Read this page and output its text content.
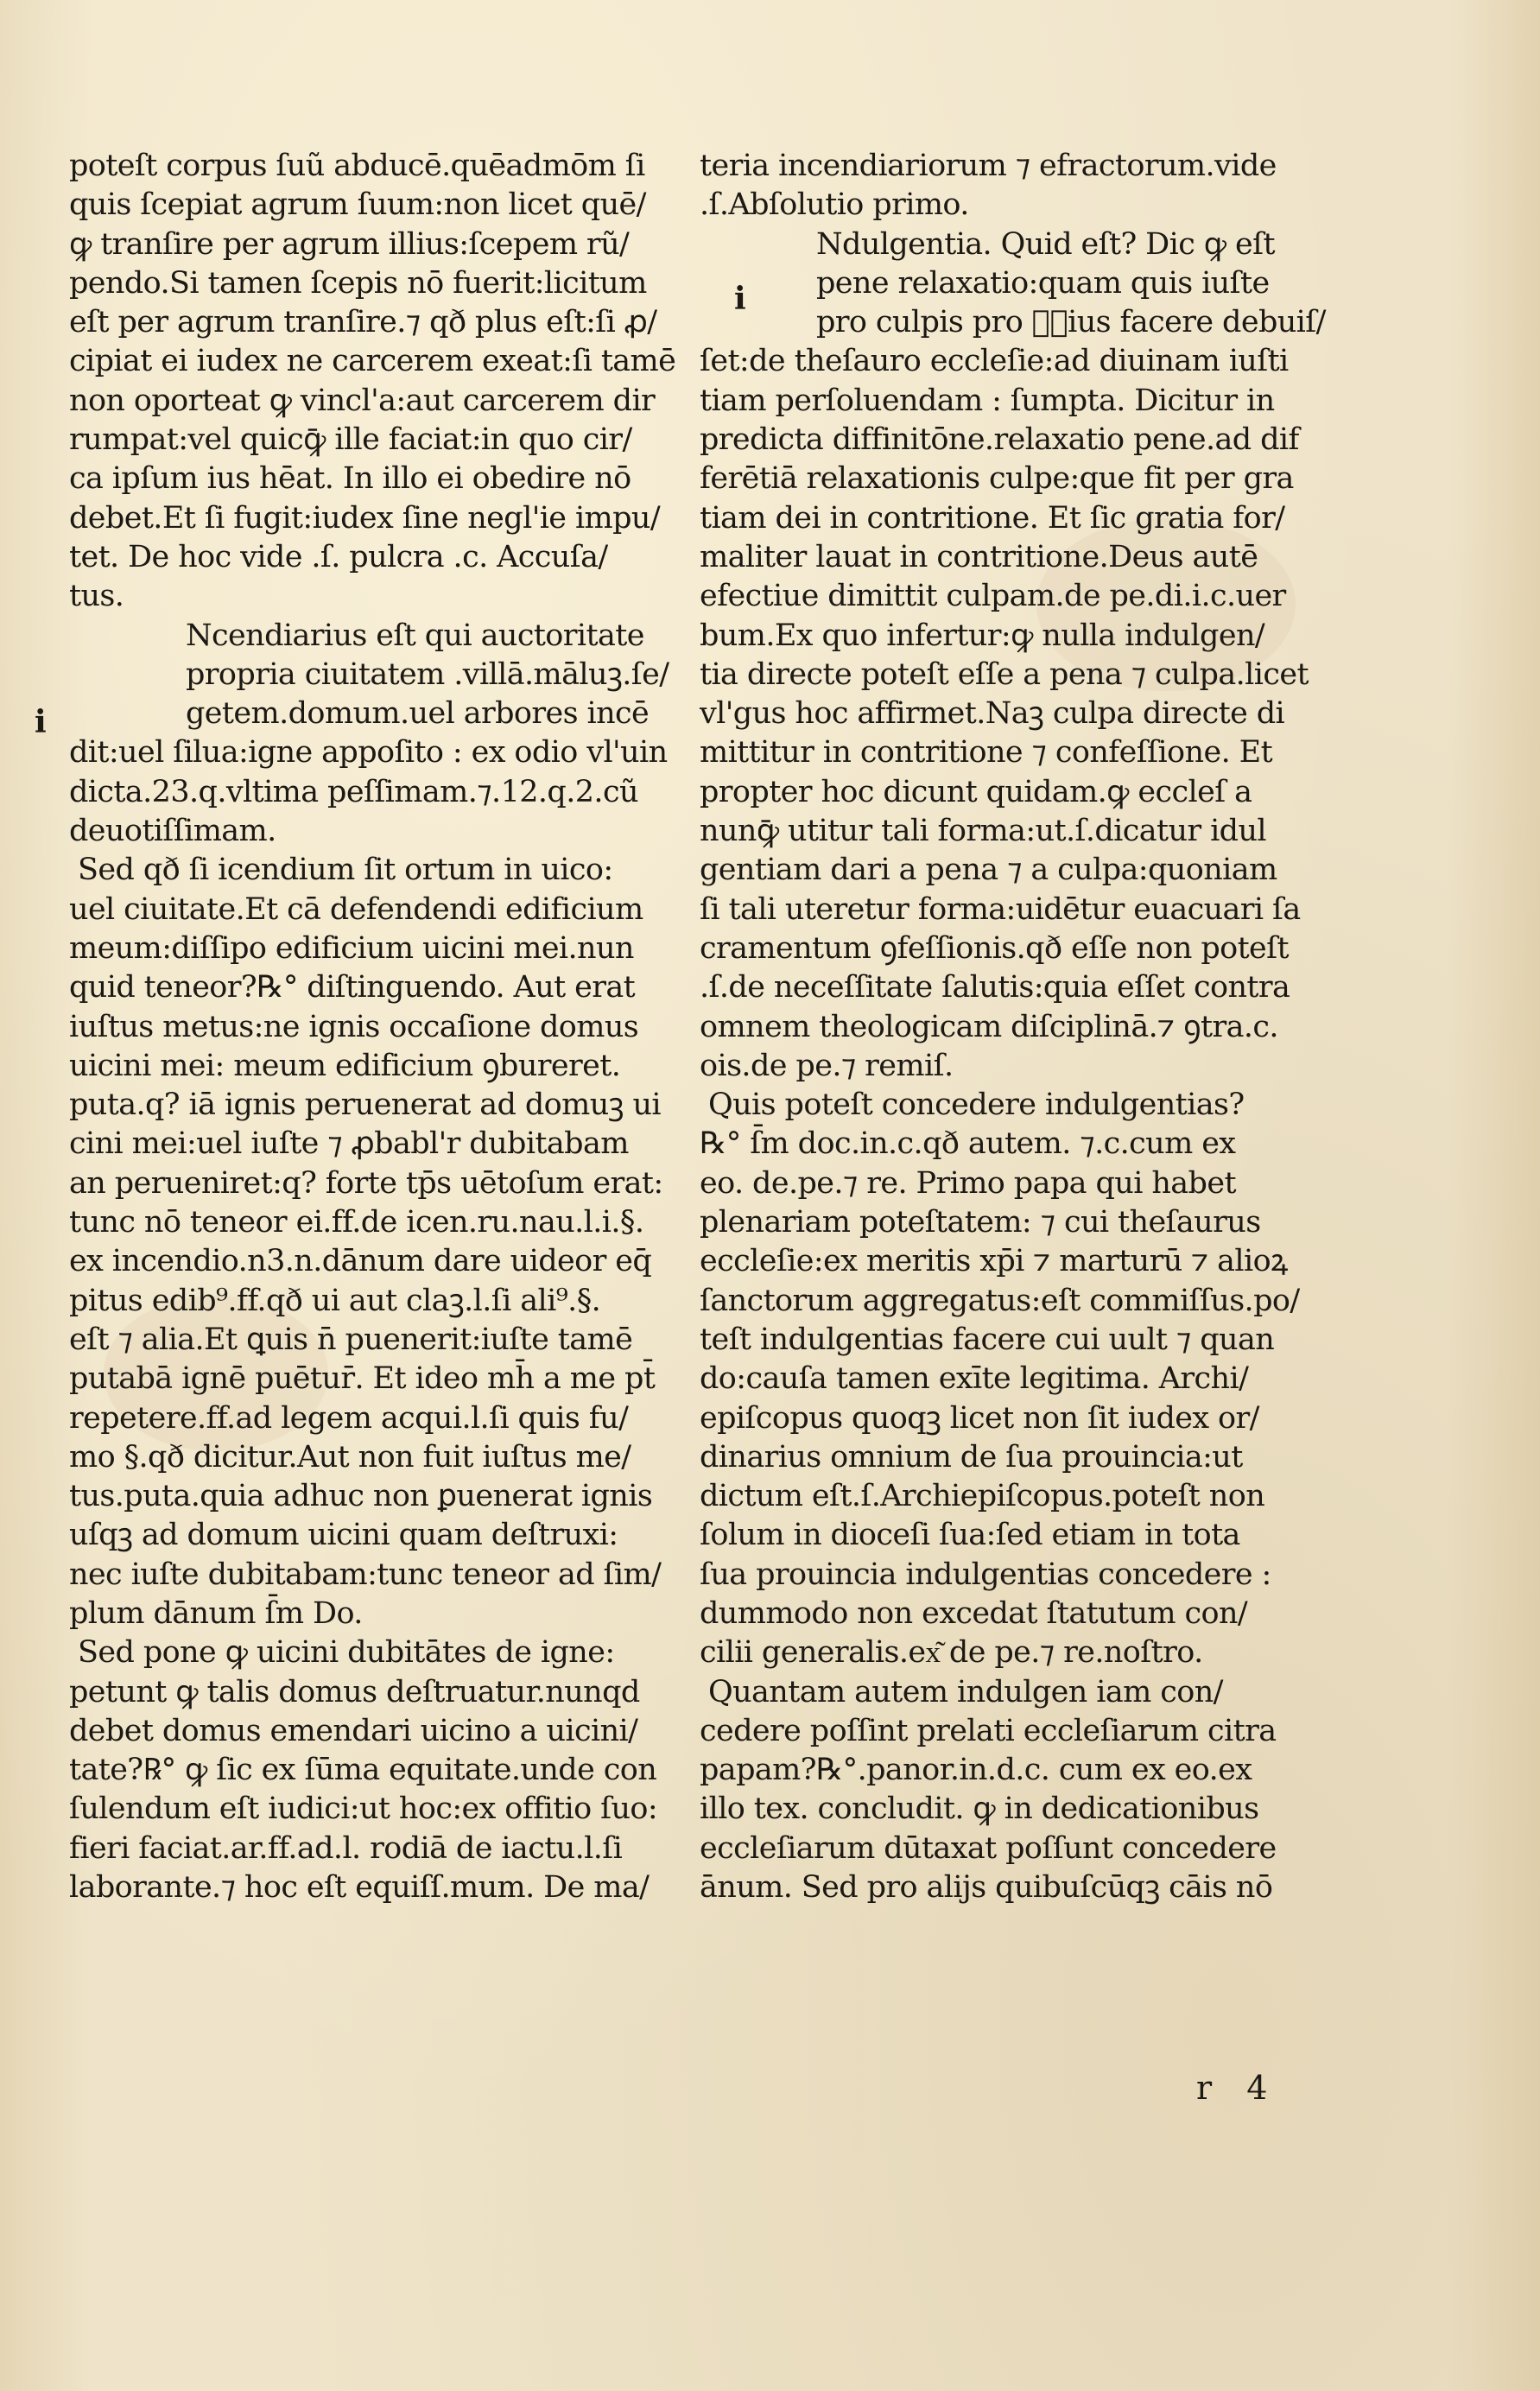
poteſt corpus ſuũ abducē.quēadmōm ſi
quis ſcepiat agrum ſuum:non licet quē/
ꝙ tranſire per agrum illius:ſcepem rũ/
pendo.Si tamen ſcepis nō fuerit:licitum
eſt per agrum tranſire.⁊ qð plus eſt:ſi ꝓ/
cipiat ei iudex ne carcerem exeat:ſi tamē
non oporteat ꝙ vincl'a:aut carcerem dir
rumpat:vel quicꝙ̄ ille faciat:in quo cir/
ca ipſum ius hēat. In illo ei obedire nō
debet.Et ſi fugit:iudex ſine negl'ie impu/
tet. De hoc vide .ſ. pulcra .c. Accuſa/
tus.
Ncendiarius eſt qui auctoritate
propria ciuitatem .villā.māluꝫ.ſe/
getem.domum.uel arbores incē
dit:uel ſilua:igne appoſito : ex odio vl'uin
dicta.23.q.vltima peſſimam.⁊.12.q.2.cũ
deuotiſſimam.
Sed qð ſi icendium ſit ortum in uico:
uel ciuitate.Et cā defendendi edificium
meum:diſſipo edificium uicini mei.nun
quid teneor?℞° diſtinguendo. Aut erat
iuſtus metus:ne ignis occaſione domus
uicini mei: meum edificium ꝯbureret.
puta.q? iā ignis peruenerat ad domuꝫ ui
cini mei:uel iuſte ⁊ ꝓbabl'r dubitabam
an perueniret:q? forte tp̄s uētoſum erat:
tunc nō teneor ei.ff.de icen.ru.nau.l.i.§.
ex incendio.n3.n.dānum dare uideor eq̄
pitus edib⁹.ff.qð ui aut claꝫ.l.ſi ali⁹.§.
eſt ⁊ alia.Et ꝗuis n̄ puenerit:iuſte tamē
putabā ignē puētur̄. Et ideo mh̄ a me pt̄
repetere.ff.ad legem acqui.l.ſi quis fu/
mo §.qð dicitur.Aut non fuit iuſtus me/
tus.puta.quia adhuc non ꝑuenerat ignis
uſqꝫ ad domum uicini quam deſtruxi:
nec iuſte dubitabam:tunc teneor ad ſim/
plum dānum ſ̄m Do.
Sed pone ꝙ uicini dubitātes de igne:
petunt ꝙ talis domus deſtruatur.nunqd
debet domus emendari uicino a uicini/
tate?℞° ꝙ ſic ex ſūma equitate.unde con
ſulendum eſt iudici:ut hoc:ex offitio ſuo:
fieri faciat.ar.ff.ad.l. rodiā de iactu.l.ſi
laborante.⁊ hoc eſt equiſſ.mum. De ma/
teria incendiariorum ⁊ efractorum.vide
.ſ.Abſolutio primo.
Ndulgentia. Quid eſt? Dic ꝙ eſt
pene relaxatio:quam quis iuſte
pro culpis pro ꝑ͛ius facere debuiſ/
ſet:de theſauro eccleſie:ad diuinam iuſti
tiam perſoluendam : ſumpta. Dicitur in
predicta diffinitōne.relaxatio pene.ad dif
ferētiā relaxationis culpe:que fit per gra
tiam dei in contritione. Et ſic gratia for/
maliter lauat in contritione.Deus autē
efectiue dimittit culpam.de pe.di.i.c.uer
bum.Ex quo infertur:ꝙ nulla indulgen/
tia directe poteſt eſſe a pena ⁊ culpa.licet
vl'gus hoc affirmet.Naꝫ culpa directe di
mittitur in contritione ⁊ confeſſione. Et
propter hoc dicunt quidam.ꝙ eccleſ a
nunꝙ̄ utitur tali forma:ut.ſ.dicatur idul
gentiam dari a pena ⁊ a culpa:quoniam
ſi tali uteretur forma:uidētur euacuari ſa
cramentum ꝯfeſſionis.qð eſſe non poteſt
.ſ.de neceſſitate ſalutis:quia eſſet contra
omnem theologicam diſciplinā.⁊ ꝯtra.c.
ois.de pe.⁊ remiſ.
Quis poteſt concedere indulgentias?
℞° ſ̄m doc.in.c.qð autem. ⁊.c.cum ex
eo. de.pe.⁊ re. Primo papa qui habet
plenariam poteſtatem: ⁊ cui theſaurus
eccleſie:ex meritis xp̄i ⁊ marturū ⁊ alioꝝ
ſanctorum aggregatus:eſt commiſſus.po/
teſt indulgentias facere cui uult ⁊ quan
do:cauſa tamen exīte legitima. Archi/
epiſcopus quoqꝫ licet non ſit iudex or/
dinarius omnium de ſua prouincia:ut
dictum eſt.ſ.Archiepiſcopus.poteſt non
ſolum in dioceſi ſua:ſed etiam in tota
ſua prouincia indulgentias concedere :
dummodo non excedat ſtatutum con/
cilii generalis.ex͂ de pe.⁊ re.noſtro.
Quantam autem indulgen iam con/
cedere poſſint prelati eccleſiarum citra
papam?℞°.panor.in.d.c. cum ex eo.ex
illo tex. concludit. ꝙ in dedicationibus
eccleſiarum dūtaxat poſſunt concedere
ānum. Sed pro alijs quibuſcūqꝫ cāis nō
i
i
r 4
